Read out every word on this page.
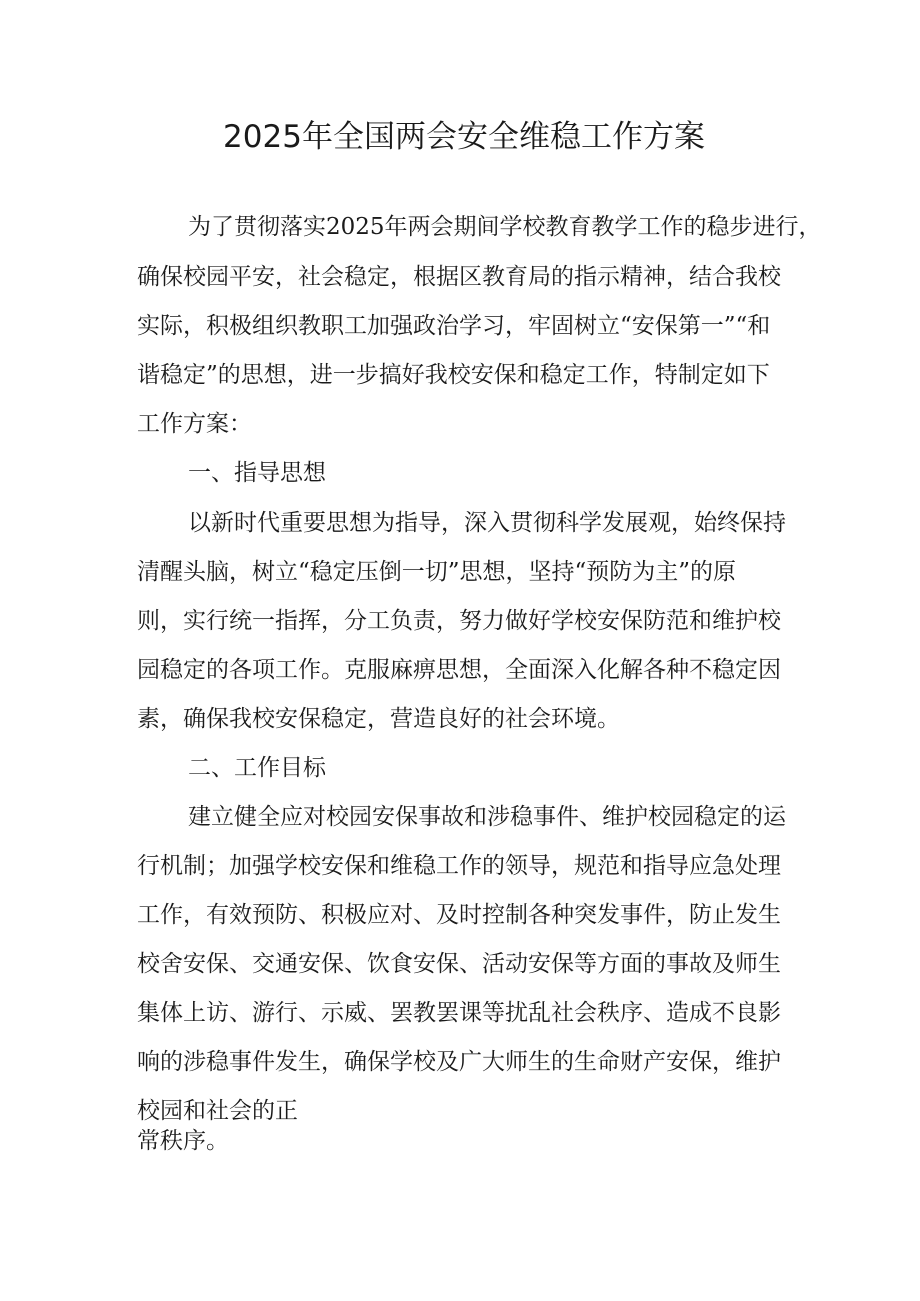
2025年全国两会安全维稳工作方案

为了贯彻落实2025年两会期间学校教育教学工作的稳步进行，

确保校园平安，社会稳定，根据区教育局的指示精神，结合我校

实际，积极组织教职工加强政治学习，牢固树立“安保第一”“和

谐稳定”的思想，进一步搞好我校安保和稳定工作，特制定如下

工作方案：

一、指导思想

以新时代重要思想为指导，深入贯彻科学发展观，始终保持

清醒头脑，树立“稳定压倒一切”思想，坚持“预防为主”的原

则，实行统一指挥，分工负责，努力做好学校安保防范和维护校

园稳定的各项工作。克服麻痹思想，全面深入化解各种不稳定因

素，确保我校安保稳定，营造良好的社会环境。

二、工作目标

建立健全应对校园安保事故和涉稳事件、维护校园稳定的运

行机制；加强学校安保和维稳工作的领导，规范和指导应急处理

工作，有效预防、积极应对、及时控制各种突发事件，防止发生

校舍安保、交通安保、饮食安保、活动安保等方面的事故及师生

集体上访、游行、示威、罢教罢课等扰乱社会秩序、造成不良影

响的涉稳事件发生，确保学校及广大师生的生命财产安保，维护

校园和社会的正

常秩序。
